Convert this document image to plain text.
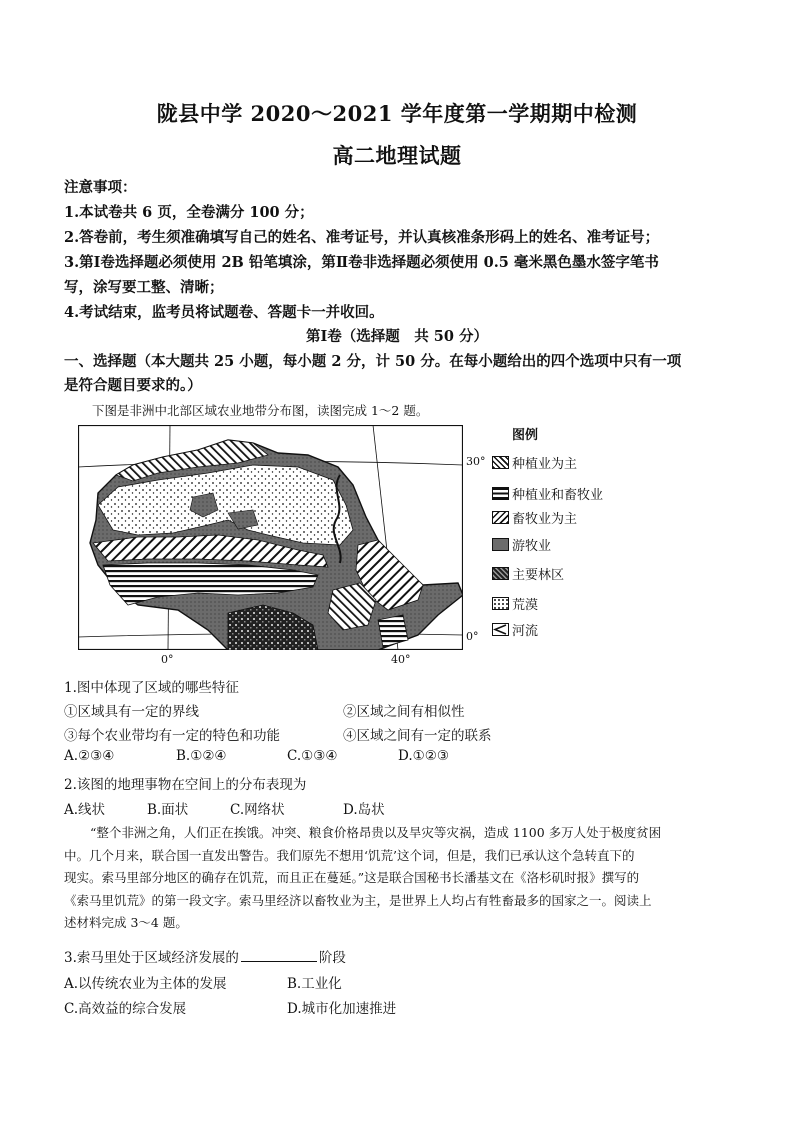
陇县中学 2020～2021 学年度第一学期期中检测
高二地理试题
注意事项：
1.本试卷共 6 页，全卷满分 100 分；
2.答卷前，考生须准确填写自己的姓名、准考证号，并认真核准条形码上的姓名、准考证号；
3.第Ⅰ卷选择题必须使用 2B 铅笔填涂，第Ⅱ卷非选择题必须使用 0.5 毫米黑色墨水签字笔书
写，涂写要工整、清晰；
4.考试结束，监考员将试题卷、答题卡一并收回。
第Ⅰ卷（选择题　共 50 分）
一、选择题（本大题共 25 小题，每小题 2 分，计 50 分。在每小题给出的四个选项中只有一项
是符合题目要求的。）
下图是非洲中北部区域农业地带分布图，读图完成 1～2 题。
30°
0°
0°	40°
图例
种植业为主
种植业和畜牧业
畜牧业为主
游牧业
主要林区
荒漠
河流
1.图中体现了区域的哪些特征
①区域具有一定的界线	②区域之间有相似性
③每个农业带均有一定的特色和功能	④区域之间有一定的联系
A.②③④	B.①②④	C.①③④	D.①②③
2.该图的地理事物在空间上的分布表现为
A.线状	B.面状	C.网络状	D.岛状
“整个非洲之角，人们正在挨饿。冲突、粮食价格昂贵以及旱灾等灾祸，造成 1100 多万人处于极度贫困
中。几个月来，联合国一直发出警告。我们原先不想用‘饥荒’这个词，但是，我们已承认这个急转直下的
现实。索马里部分地区的确存在饥荒，而且正在蔓延。”这是联合国秘书长潘基文在《洛杉矶时报》撰写的
《索马里饥荒》的第一段文字。索马里经济以畜牧业为主，是世界上人均占有牲畜最多的国家之一。阅读上
述材料完成 3～4 题。
3.索马里处于区域经济发展的	阶段
A.以传统农业为主体的发展	B.工业化
C.高效益的综合发展	D.城市化加速推进
